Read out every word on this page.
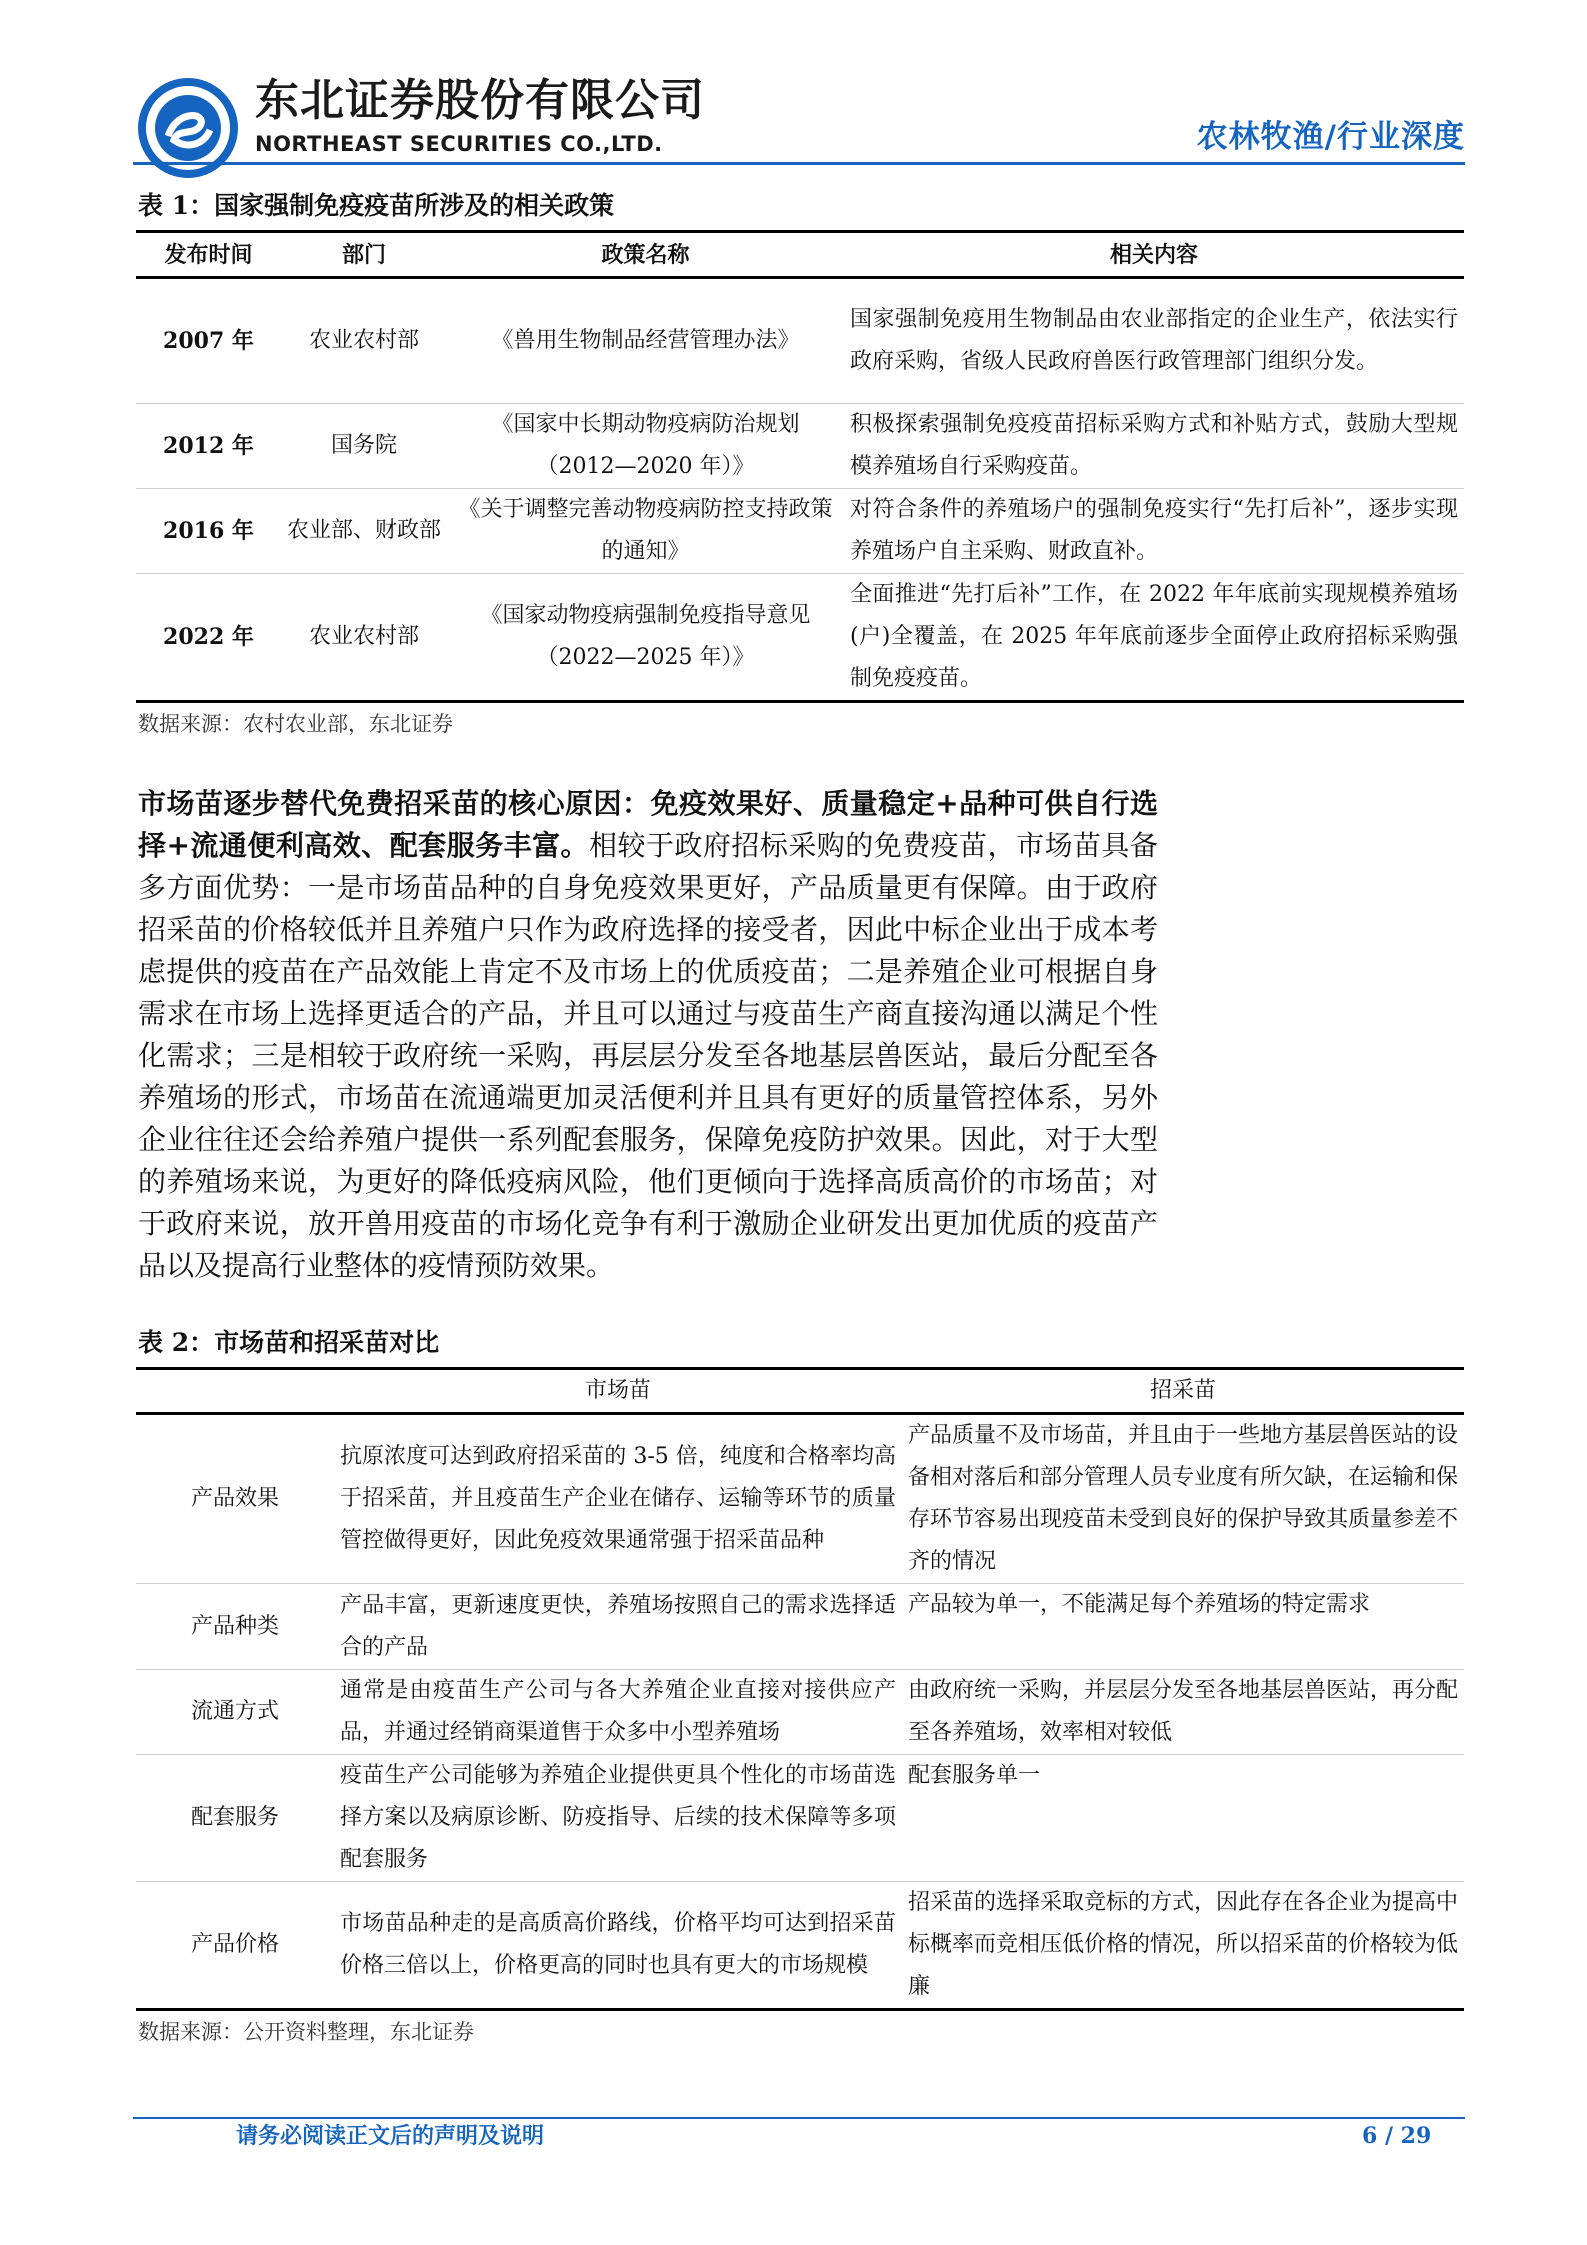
东北证券股份有限公司
NORTHEAST SECURITIES CO.,LTD.	农林牧渔/行业深度
表 1：国家强制免疫疫苗所涉及的相关政策
发布时间	部门	政策名称	相关内容
2007 年	农业农村部	《兽用生物制品经营管理办法》	国家强制免疫用生物制品由农业部指定的企业生产，依法实行政府采购，省级人民政府兽医行政管理部门组织分发。
2012 年	国务院	《国家中长期动物疫病防治规划（2012—2020 年）》	积极探索强制免疫疫苗招标采购方式和补贴方式，鼓励大型规模养殖场自行采购疫苗。
2016 年	农业部、财政部	《关于调整完善动物疫病防控支持政策的通知》	对符合条件的养殖场户的强制免疫实行“先打后补”，逐步实现养殖场户自主采购、财政直补。
2022 年	农业农村部	《国家动物疫病强制免疫指导意见（2022—2025 年）》	全面推进“先打后补”工作，在 2022 年年底前实现规模养殖场(户)全覆盖，在 2025 年年底前逐步全面停止政府招标采购强制免疫疫苗。
数据来源：农村农业部，东北证券
市场苗逐步替代免费招采苗的核心原因：免疫效果好、质量稳定+品种可供自行选择+流通便利高效、配套服务丰富。相较于政府招标采购的免费疫苗，市场苗具备多方面优势：一是市场苗品种的自身免疫效果更好，产品质量更有保障。由于政府招采苗的价格较低并且养殖户只作为政府选择的接受者，因此中标企业出于成本考虑提供的疫苗在产品效能上肯定不及市场上的优质疫苗；二是养殖企业可根据自身需求在市场上选择更适合的产品，并且可以通过与疫苗生产商直接沟通以满足个性化需求；三是相较于政府统一采购，再层层分发至各地基层兽医站，最后分配至各养殖场的形式，市场苗在流通端更加灵活便利并且具有更好的质量管控体系，另外企业往往还会给养殖户提供一系列配套服务，保障免疫防护效果。因此，对于大型的养殖场来说，为更好的降低疫病风险，他们更倾向于选择高质高价的市场苗；对于政府来说，放开兽用疫苗的市场化竞争有利于激励企业研发出更加优质的疫苗产品以及提高行业整体的疫情预防效果。
表 2：市场苗和招采苗对比
	市场苗	招采苗
产品效果	抗原浓度可达到政府招采苗的 3-5 倍，纯度和合格率均高于招采苗，并且疫苗生产企业在储存、运输等环节的质量管控做得更好，因此免疫效果通常强于招采苗品种	产品质量不及市场苗，并且由于一些地方基层兽医站的设备相对落后和部分管理人员专业度有所欠缺，在运输和保存环节容易出现疫苗未受到良好的保护导致其质量参差不齐的情况
产品种类	产品丰富，更新速度更快，养殖场按照自己的需求选择适合的产品	产品较为单一，不能满足每个养殖场的特定需求
流通方式	通常是由疫苗生产公司与各大养殖企业直接对接供应产品，并通过经销商渠道售于众多中小型养殖场	由政府统一采购，并层层分发至各地基层兽医站，再分配至各养殖场，效率相对较低
配套服务	疫苗生产公司能够为养殖企业提供更具个性化的市场苗选择方案以及病原诊断、防疫指导、后续的技术保障等多项配套服务	配套服务单一
产品价格	市场苗品种走的是高质高价路线，价格平均可达到招采苗价格三倍以上，价格更高的同时也具有更大的市场规模	招采苗的选择采取竞标的方式，因此存在各企业为提高中标概率而竞相压低价格的情况，所以招采苗的价格较为低廉
数据来源：公开资料整理，东北证券
请务必阅读正文后的声明及说明	6 / 29
